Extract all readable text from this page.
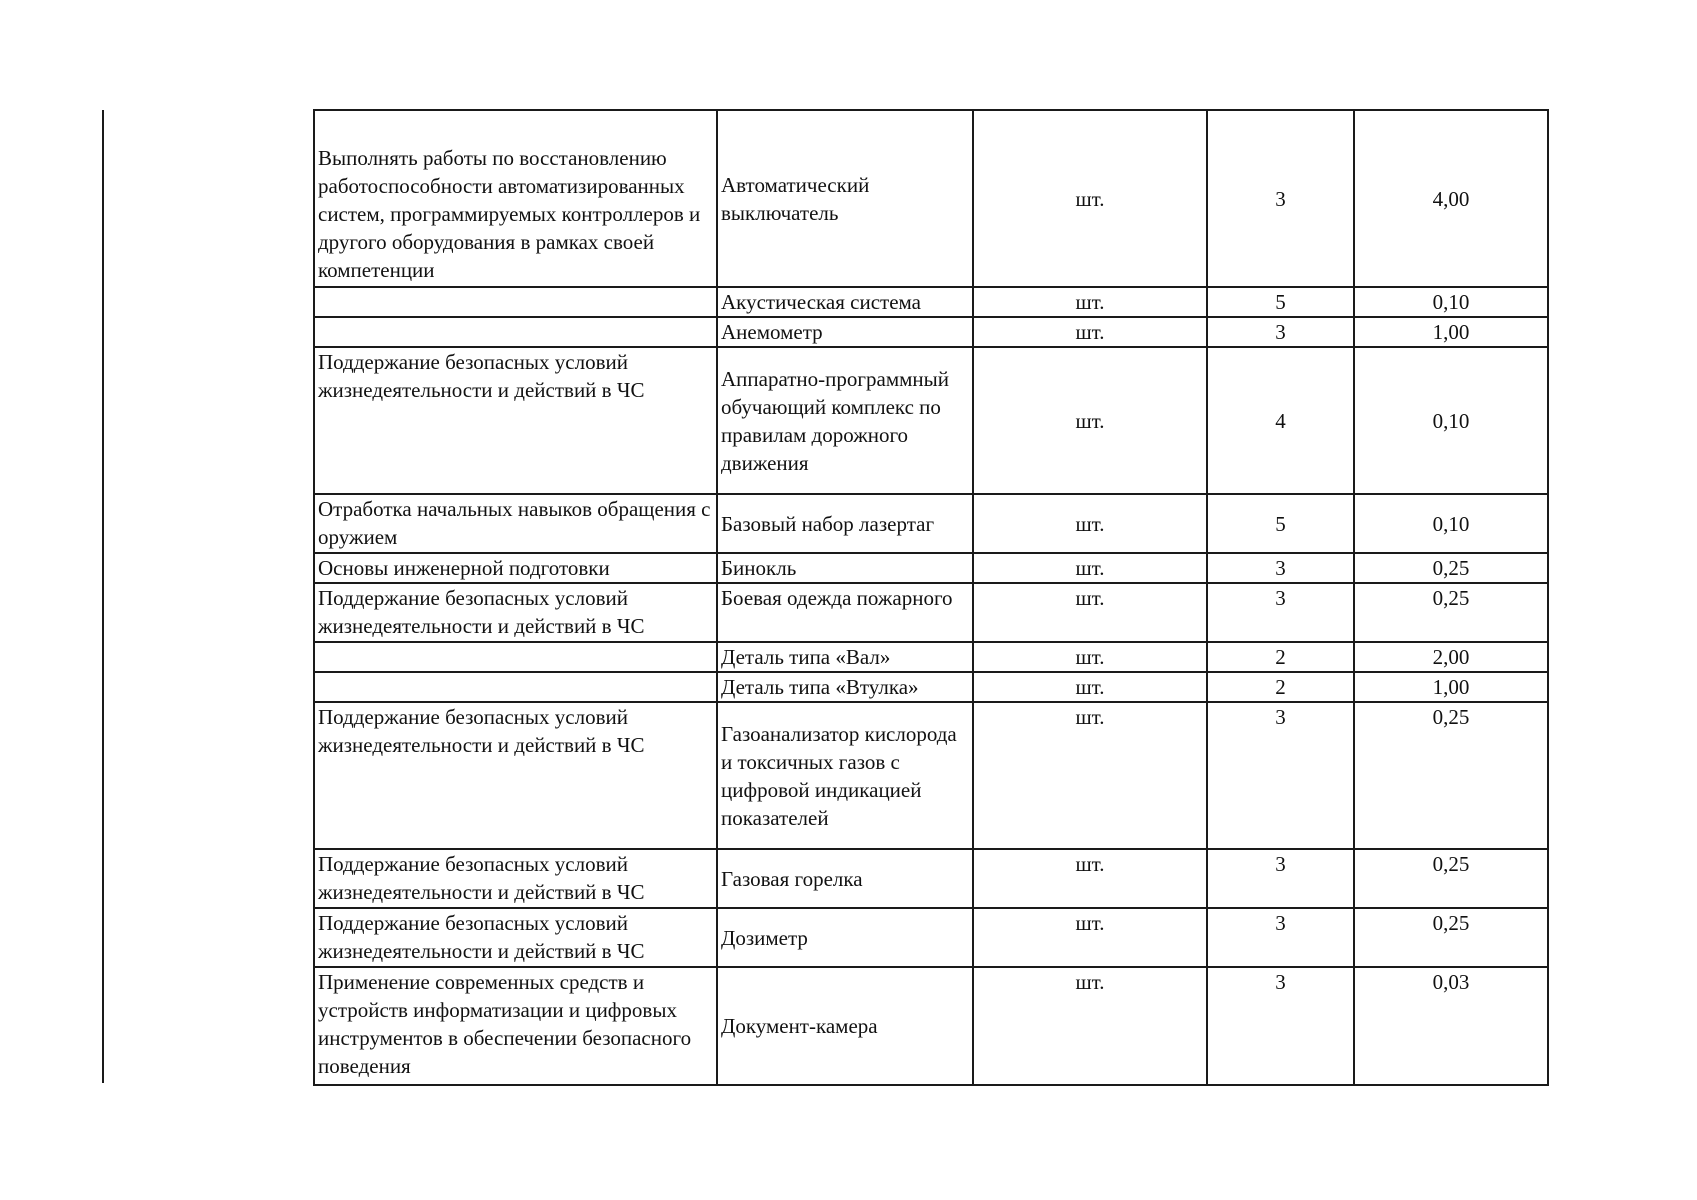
Выполнять работы по восстановлению работоспособности автоматизированных систем, программируемых контроллеров и другого оборудования в рамках своей компетенции	Автоматический выключатель	шт.	3	4,00
	Акустическая система	шт.	5	0,10
	Анемометр	шт.	3	1,00
Поддержание безопасных условий жизнедеятельности и действий в ЧС	Аппаратно-программный обучающий комплекс по правилам дорожного движения	шт.	4	0,10
Отработка начальных навыков обращения с оружием	Базовый набор лазертаг	шт.	5	0,10
Основы инженерной подготовки	Бинокль	шт.	3	0,25
Поддержание безопасных условий жизнедеятельности и действий в ЧС	Боевая одежда пожарного	шт.	3	0,25
	Деталь типа «Вал»	шт.	2	2,00
	Деталь типа «Втулка»	шт.	2	1,00
Поддержание безопасных условий жизнедеятельности и действий в ЧС	Газоанализатор кислорода и токсичных газов с цифровой индикацией показателей	шт.	3	0,25
Поддержание безопасных условий жизнедеятельности и действий в ЧС	Газовая горелка	шт.	3	0,25
Поддержание безопасных условий жизнедеятельности и действий в ЧС	Дозиметр	шт.	3	0,25
Применение современных средств и устройств информатизации и цифровых инструментов в обеспечении безопасного поведения	Документ-камера	шт.	3	0,03
